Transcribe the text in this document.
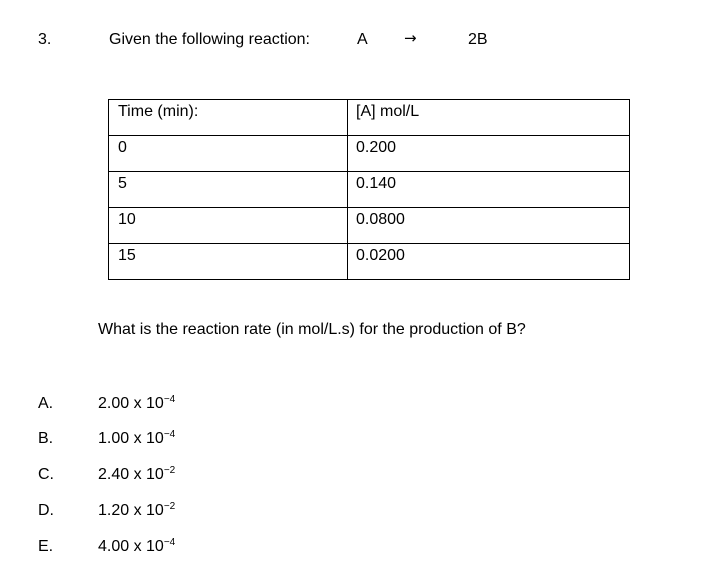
3.	Given the following reaction:	A →	2B
Time (min):	[A] mol/L

0	0.200

5	0.140

10	0.0800

15	0.0200
What is the reaction rate (in mol/L.s) for the production of B?
A.	2.00 x $10^{-4}$
B.	1.00 x $10^{-4}$
C.	2.40 x $10^{-2}$
D.	1.20 x $10^{-2}$
E.	4.00 x $10^{-4}$
